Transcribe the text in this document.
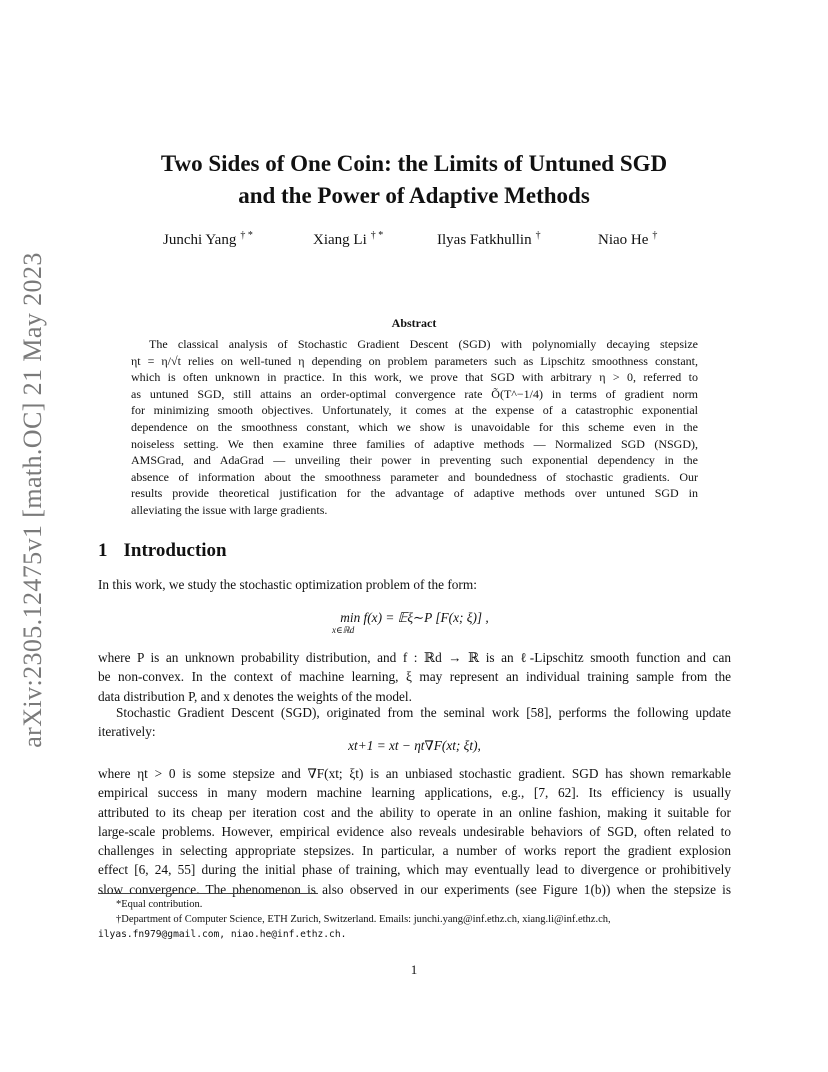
arXiv:2305.12475v1 [math.OC] 21 May 2023
Two Sides of One Coin: the Limits of Untuned SGD
and the Power of Adaptive Methods
Junchi Yang † *	Xiang Li † *	Ilyas Fatkhullin †	Niao He †
Abstract
The classical analysis of Stochastic Gradient Descent (SGD) with polynomially decaying stepsize
ηt = η/√t relies on well-tuned η depending on problem parameters such as Lipschitz smoothness constant,
which is often unknown in practice. In this work, we prove that SGD with arbitrary η > 0, referred to
as untuned SGD, still attains an order-optimal convergence rate Õ(T^−1/4) in terms of gradient norm
for minimizing smooth objectives. Unfortunately, it comes at the expense of a catastrophic exponential
dependence on the smoothness constant, which we show is unavoidable for this scheme even in the
noiseless setting. We then examine three families of adaptive methods — Normalized SGD (NSGD),
AMSGrad, and AdaGrad — unveiling their power in preventing such exponential dependency in the
absence of information about the smoothness parameter and boundedness of stochastic gradients. Our
results provide theoretical justification for the advantage of adaptive methods over untuned SGD in
alleviating the issue with large gradients.
1 Introduction
In this work, we study the stochastic optimization problem of the form:
min f(x) = 𝔼ξ∼P [F(x; ξ)] ,
x∈ℝd
where P is an unknown probability distribution, and f : ℝd → ℝ is an ℓ-Lipschitz smooth function and can
be non-convex. In the context of machine learning, ξ may represent an individual training sample from the
data distribution P, and x denotes the weights of the model.
Stochastic Gradient Descent (SGD), originated from the seminal work [58], performs the following update
iteratively:
xt+1 = xt − ηt∇F(xt; ξt),
where ηt > 0 is some stepsize and ∇F(xt; ξt) is an unbiased stochastic gradient. SGD has shown remarkable
empirical success in many modern machine learning applications, e.g., [7, 62]. Its efficiency is usually
attributed to its cheap per iteration cost and the ability to operate in an online fashion, making it suitable for
large-scale problems. However, empirical evidence also reveals undesirable behaviors of SGD, often related to
challenges in selecting appropriate stepsizes. In particular, a number of works report the gradient explosion
effect [6, 24, 55] during the initial phase of training, which may eventually lead to divergence or prohibitively
slow convergence. The phenomenon is also observed in our experiments (see Figure 1(b)) when the stepsize is
*Equal contribution.
†Department of Computer Science, ETH Zurich, Switzerland. Emails: junchi.yang@inf.ethz.ch, xiang.li@inf.ethz.ch,
ilyas.fn979@gmail.com, niao.he@inf.ethz.ch.
1
